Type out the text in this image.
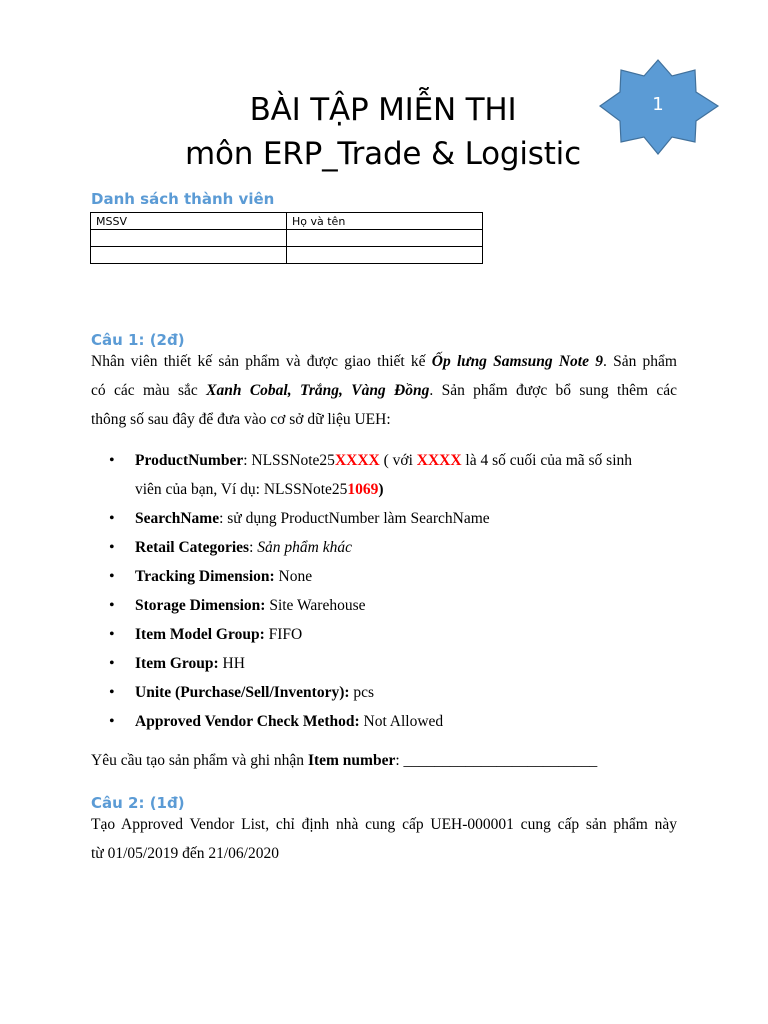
1
BÀI TẬP MIỄN THI
môn ERP_Trade & Logistic
Danh sách thành viên
MSSV	Họ và tên

Câu 1: (2đ)
Nhân viên thiết kế sản phẩm và được giao thiết kế Ốp lưng Samsung Note 9. Sản phẩm
có các màu sắc Xanh Cobal, Trắng, Vàng Đồng. Sản phẩm được bổ sung thêm các
thông số sau đây để đưa vào cơ sở dữ liệu UEH:
• ProductNumber: NLSSNote25XXXX ( với XXXX là 4 số cuối của mã số sinh
viên của bạn, Ví dụ: NLSSNote251069)
• SearchName: sử dụng ProductNumber làm SearchName
• Retail Categories: Sản phẩm khác
• Tracking Dimension: None
• Storage Dimension: Site Warehouse
• Item Model Group: FIFO
• Item Group: HH
• Unite (Purchase/Sell/Inventory): pcs
• Approved Vendor Check Method: Not Allowed
Yêu cầu tạo sản phẩm và ghi nhận Item number: _________________________
Câu 2: (1đ)
Tạo Approved Vendor List, chỉ định nhà cung cấp UEH-000001 cung cấp sản phẩm này
từ 01/05/2019 đến 21/06/2020
